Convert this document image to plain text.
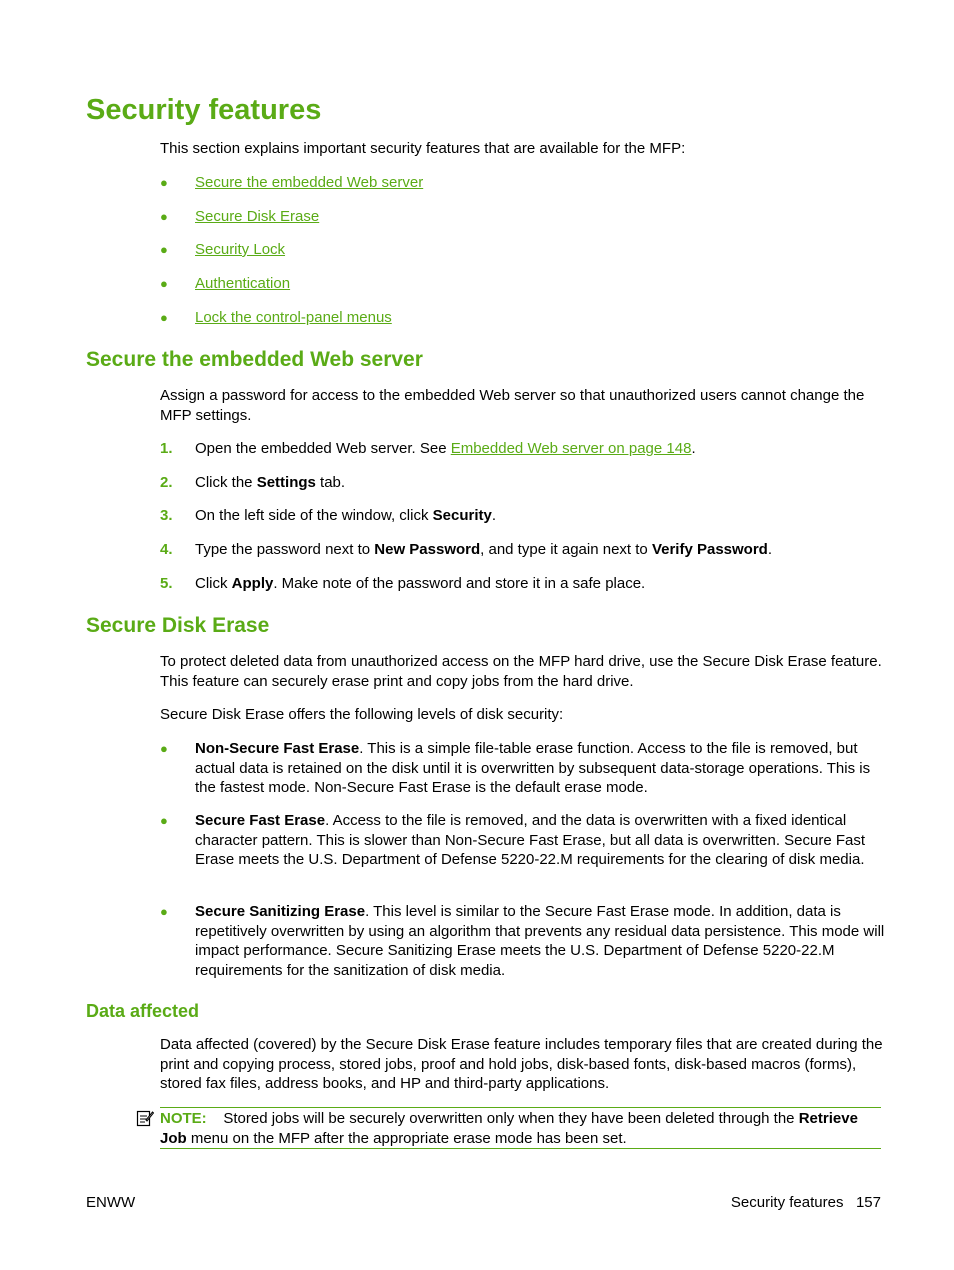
Security features

This section explains important security features that are available for the MFP:

●	Secure the embedded Web server
●	Secure Disk Erase
●	Security Lock
●	Authentication
●	Lock the control-panel menus
Secure the embedded Web server

Assign a password for access to the embedded Web server so that unauthorized users cannot change the MFP settings.

1.	Open the embedded Web server. See Embedded Web server on page 148.
2.	Click the Settings tab.
3.	On the left side of the window, click Security.
4.	Type the password next to New Password, and type it again next to Verify Password.
5.	Click Apply. Make note of the password and store it in a safe place.
Secure Disk Erase

To protect deleted data from unauthorized access on the MFP hard drive, use the Secure Disk Erase feature. This feature can securely erase print and copy jobs from the hard drive.

Secure Disk Erase offers the following levels of disk security:

●	Non-Secure Fast Erase. This is a simple file-table erase function. Access to the file is removed, but actual data is retained on the disk until it is overwritten by subsequent data-storage operations. This is the fastest mode. Non-Secure Fast Erase is the default erase mode.
●	Secure Fast Erase. Access to the file is removed, and the data is overwritten with a fixed identical character pattern. This is slower than Non-Secure Fast Erase, but all data is overwritten. Secure Fast Erase meets the U.S. Department of Defense 5220-22.M requirements for the clearing of disk media.
●	Secure Sanitizing Erase. This level is similar to the Secure Fast Erase mode. In addition, data is repetitively overwritten by using an algorithm that prevents any residual data persistence. This mode will impact performance. Secure Sanitizing Erase meets the U.S. Department of Defense 5220-22.M requirements for the sanitization of disk media.
Data affected

Data affected (covered) by the Secure Disk Erase feature includes temporary files that are created during the print and copying process, stored jobs, proof and hold jobs, disk-based fonts, disk-based macros (forms), stored fax files, address books, and HP and third-party applications.

NOTE: Stored jobs will be securely overwritten only when they have been deleted through the Retrieve Job menu on the MFP after the appropriate erase mode has been set.
ENWW	Security features 157
